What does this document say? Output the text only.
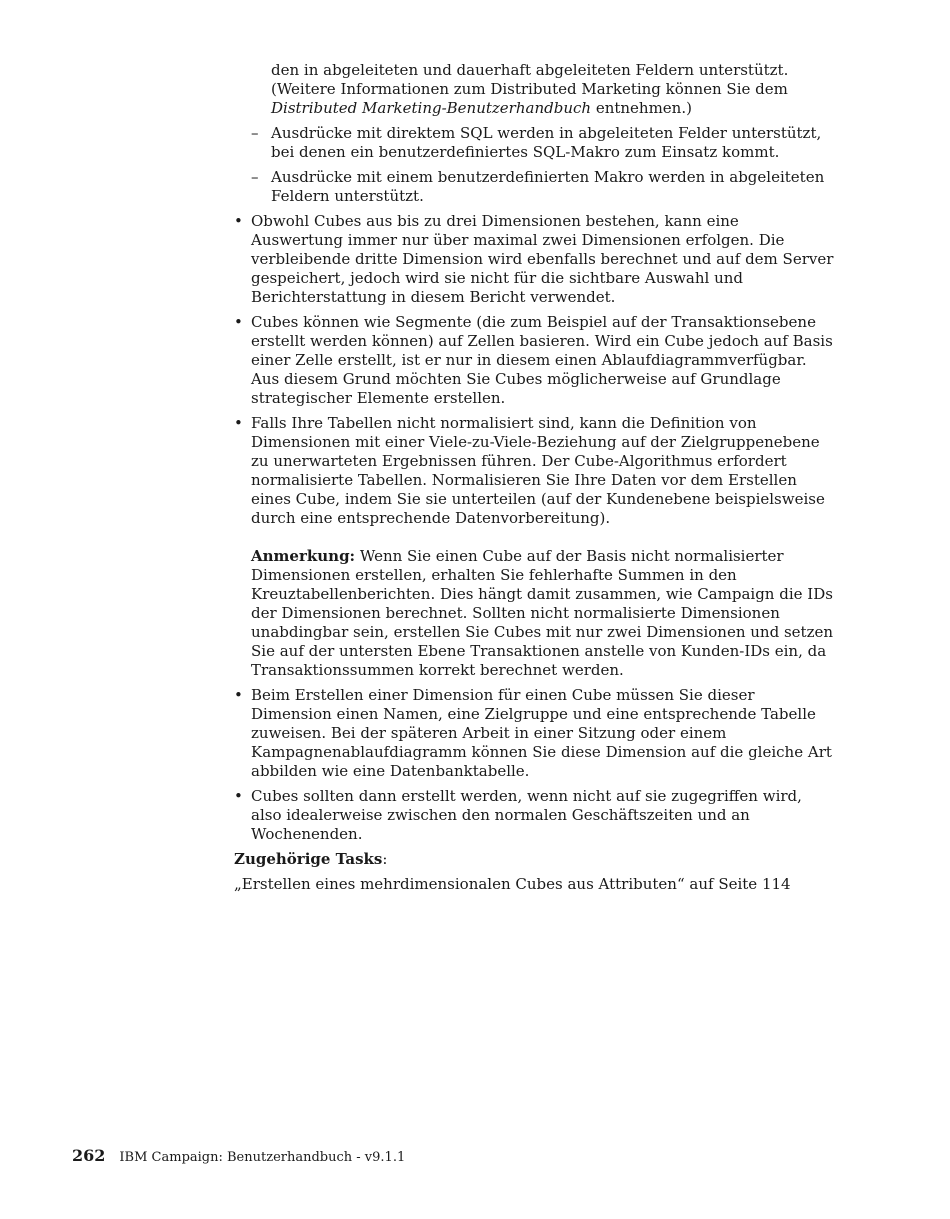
den in abgeleiteten und dauerhaft abgeleiteten Feldern unterstützt. (Weitere Informationen zum Distributed Marketing können Sie dem Distributed Marketing-Benutzerhandbuch entnehmen.)

– Ausdrücke mit direktem SQL werden in abgeleiteten Felder unterstützt, bei denen ein benutzerdefiniertes SQL-Makro zum Einsatz kommt.
– Ausdrücke mit einem benutzerdefinierten Makro werden in abgeleiteten Feldern unterstützt.
• Obwohl Cubes aus bis zu drei Dimensionen bestehen, kann eine Auswertung immer nur über maximal zwei Dimensionen erfolgen. Die verbleibende dritte Dimension wird ebenfalls berechnet und auf dem Server gespeichert, jedoch wird sie nicht für die sichtbare Auswahl und Berichterstattung in diesem Bericht verwendet.
• Cubes können wie Segmente (die zum Beispiel auf der Transaktionsebene erstellt werden können) auf Zellen basieren. Wird ein Cube jedoch auf Basis einer Zelle erstellt, ist er nur in diesem einen Ablaufdiagrammverfügbar. Aus diesem Grund möchten Sie Cubes möglicherweise auf Grundlage strategischer Elemente erstellen.
• Falls Ihre Tabellen nicht normalisiert sind, kann die Definition von Dimensionen mit einer Viele-zu-Viele-Beziehung auf der Zielgruppenebene zu unerwarteten Ergebnissen führen. Der Cube-Algorithmus erfordert normalisierte Tabellen. Normalisieren Sie Ihre Daten vor dem Erstellen eines Cube, indem Sie sie unterteilen (auf der Kundenebene beispielsweise durch eine entsprechende Datenvorbereitung).
Anmerkung: Wenn Sie einen Cube auf der Basis nicht normalisierter Dimensionen erstellen, erhalten Sie fehlerhafte Summen in den Kreuztabellenberichten. Dies hängt damit zusammen, wie Campaign die IDs der Dimensionen berechnet. Sollten nicht normalisierte Dimensionen unabdingbar sein, erstellen Sie Cubes mit nur zwei Dimensionen und setzen Sie auf der untersten Ebene Transaktionen anstelle von Kunden-IDs ein, da Transaktionssummen korrekt berechnet werden.
• Beim Erstellen einer Dimension für einen Cube müssen Sie dieser Dimension einen Namen, eine Zielgruppe und eine entsprechende Tabelle zuweisen. Bei der späteren Arbeit in einer Sitzung oder einem Kampagnenablaufdiagramm können Sie diese Dimension auf die gleiche Art abbilden wie eine Datenbanktabelle.
• Cubes sollten dann erstellt werden, wenn nicht auf sie zugegriffen wird, also idealerweise zwischen den normalen Geschäftszeiten und an Wochenenden.

Zugehörige Tasks:

„Erstellen eines mehrdimensionalen Cubes aus Attributen“ auf Seite 114

262 IBM Campaign: Benutzerhandbuch - v9.1.1
